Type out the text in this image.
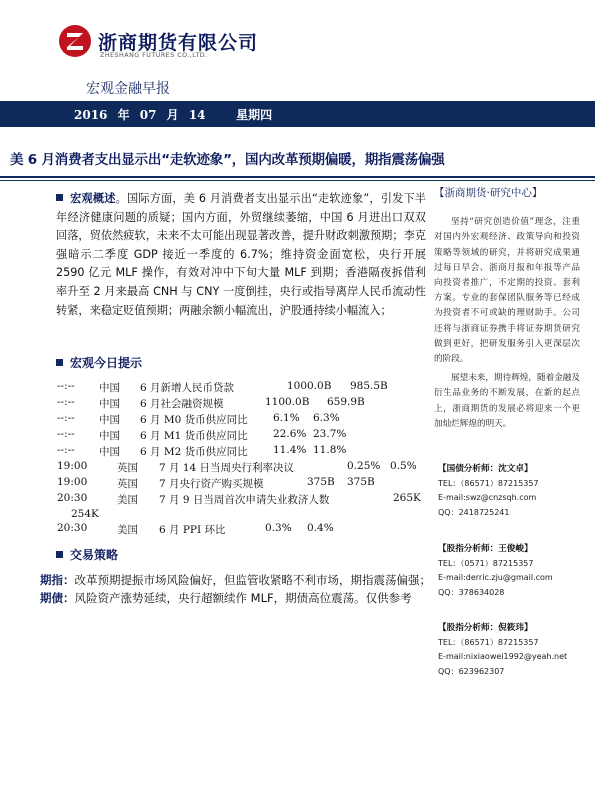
浙商期货有限公司
ZHESHANG FUTURES CO.,LTD.
宏观金融早报
2016 年 07 月 14	星期四
美 6 月消费者支出显示出“走软迹象”，国内改革预期偏暖，期指震荡偏强
宏观概述。国际方面，美 6 月消费者支出显示出“走软迹象”，引发下半年经济健康问题的质疑；国内方面，外贸继续萎缩，中国 6 月进出口双双回落，贸依然疲软，未来不太可能出现显著改善，提升财政刺激预期；李克强暗示二季度 GDP 接近一季度的 6.7%；维持资金面宽松，央行开展 2590 亿元 MLF 操作，有效对冲中下旬大量 MLF 到期；香港隔夜拆借利率升至 2 月来最高 CNH 与 CNY 一度倒挂，央行或指导离岸人民币流动性转紧，来稳定贬值预期；两融余额小幅流出，沪股通持续小幅流入；
宏观今日提示
--:-- 中国 6 月新增人民币贷款	1000.0B 985.5B
--:-- 中国 6 月社会融资规模	1100.0B 659.9B
--:-- 中国 6 月 M0 货币供应同比 6.1% 6.3%
--:-- 中国 6 月 M1 货币供应同比 22.6% 23.7%
--:-- 中国 6 月 M2 货币供应同比 11.4% 11.8%
19:00	英国 7 月 14 日当周央行利率决议	0.25% 0.5%
19:00	英国 7 月央行资产购买规模	375B 375B
20:30	美国 7 月 9 日当周首次申请失业救济人数	265K
254K
20:30	美国 6 月 PPI 环比	0.3% 0.4%
交易策略
期指：改革预期提振市场风险偏好，但监管收紧略不利市场，期指震荡偏强；
期债：风险资产涨势延续，央行超额续作 MLF，期债高位震荡。仅供参考
【浙商期货·研究中心】

坚持“研究创造价值”理念，注重对国内外宏观经济、政策导向和投资策略等领域的研究，并将研究成果通过每日早会、浙商月报和年报等产品向投资者推广，不定期的投资、套利方案。专业的套保团队服务等已经成为投资者不可或缺的理财助手。公司还将与浙商证券携手将证券期货研究做到更好，把研发服务引入更深层次的阶段。

展望未来，期待辉煌，随着金融及衍生品业务的不断发展，在新的起点上，浙商期货的发展必将迎来一个更加灿烂辉煌的明天。

【国债分析师：沈文卓】
TEL：（86571）87215357
E-mail:swz@cnzsqh.com
QQ：2418725241
【股指分析师：王俊峻】
TEL：（0571）87215357
E-mail:derric.zju@gmail.com
QQ：378634028
【股指分析师：倪筱玮】
TEL：（86571）87215357
E-mail:nixiaowei1992@yeah.net
QQ：623962307
